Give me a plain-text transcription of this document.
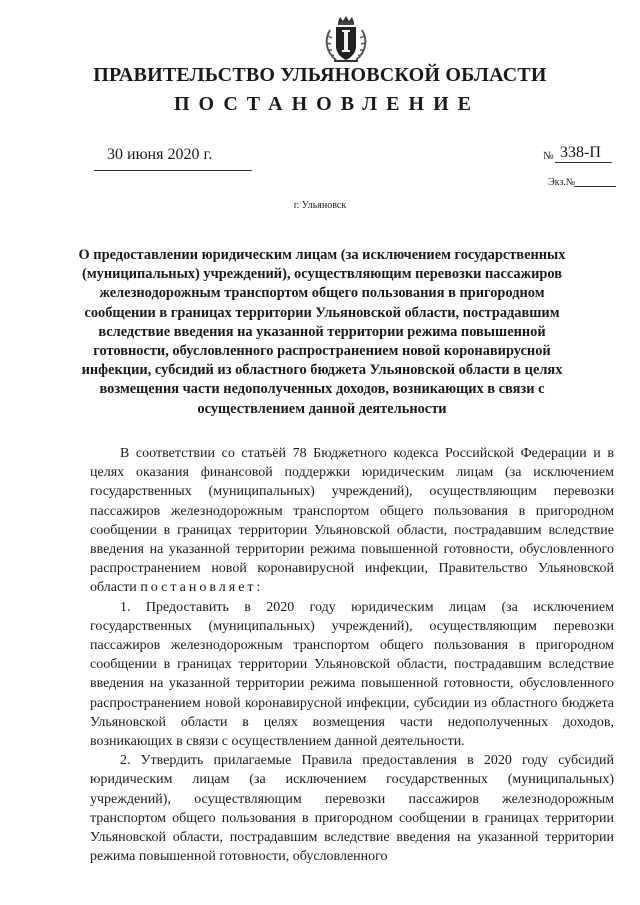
ПРАВИТЕЛЬСТВО УЛЬЯНОВСКОЙ ОБЛАСТИ
ПОСТАНОВЛЕНИЕ
30 июня 2020 г.	№ 338-П
Экз.№
г. Ульяновск

О предоставлении юридическим лицам (за исключением государственных (муниципальных) учреждений), осуществляющим перевозки пассажиров железнодорожным транспортом общего пользования в пригородном сообщении в границах территории Ульяновской области, пострадавшим вследствие введения на указанной территории режима повышенной готовности, обусловленного распространением новой коронавирусной инфекции, субсидий из областного бюджета Ульяновской области в целях возмещения части недополученных доходов, возникающих в связи с осуществлением данной деятельности

В соответствии со статьёй 78 Бюджетного кодекса Российской Федерации и в целях оказания финансовой поддержки юридическим лицам (за исключением государственных (муниципальных) учреждений), осуществляющим перевозки пассажиров железнодорожным транспортом общего пользования в пригородном сообщении в границах территории Ульяновской области, пострадавшим вследствие введения на указанной территории режима повышенной готовности, обусловленного распространением новой коронавирусной инфекции, Правительство Ульяновской области постановляет:

1. Предоставить в 2020 году юридическим лицам (за исключением государственных (муниципальных) учреждений), осуществляющим перевозки пассажиров железнодорожным транспортом общего пользования в пригородном сообщении в границах территории Ульяновской области, пострадавшим вследствие введения на указанной территории режима повышенной готовности, обусловленного распространением новой коронавирусной инфекции, субсидии из областного бюджета Ульяновской области в целях возмещения части недополученных доходов, возникающих в связи с осуществлением данной деятельности.

2. Утвердить прилагаемые Правила предоставления в 2020 году субсидий юридическим лицам (за исключением государственных (муниципальных) учреждений), осуществляющим перевозки пассажиров железнодорожным транспортом общего пользования в пригородном сообщении в границах территории Ульяновской области, пострадавшим вследствие введения на указанной территории режима повышенной готовности, обусловленного
